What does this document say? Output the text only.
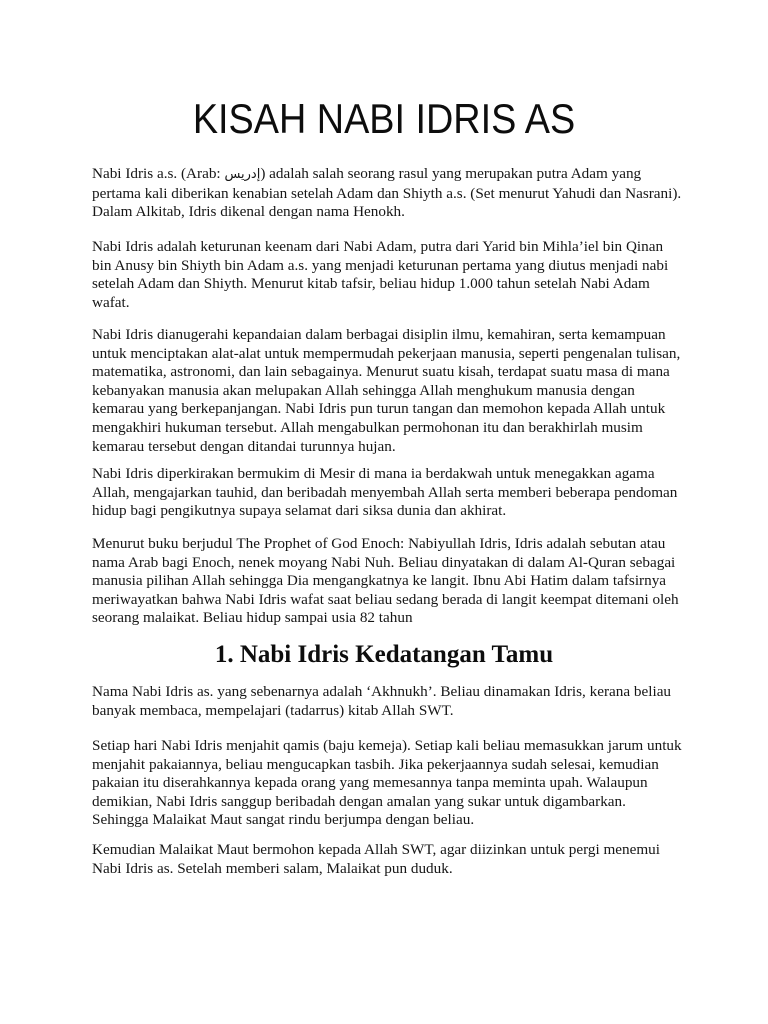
KISAH NABI IDRIS AS

Nabi Idris a.s. (Arab: إدريس) adalah salah seorang rasul yang merupakan putra Adam yang pertama kali diberikan kenabian setelah Adam dan Shiyth a.s. (Set menurut Yahudi dan Nasrani). Dalam Alkitab, Idris dikenal dengan nama Henokh.

Nabi Idris adalah keturunan keenam dari Nabi Adam, putra dari Yarid bin Mihla’iel bin Qinan bin Anusy bin Shiyth bin Adam a.s. yang menjadi keturunan pertama yang diutus menjadi nabi setelah Adam dan Shiyth. Menurut kitab tafsir, beliau hidup 1.000 tahun setelah Nabi Adam wafat.

Nabi Idris dianugerahi kepandaian dalam berbagai disiplin ilmu, kemahiran, serta kemampuan untuk menciptakan alat-alat untuk mempermudah pekerjaan manusia, seperti pengenalan tulisan, matematika, astronomi, dan lain sebagainya. Menurut suatu kisah, terdapat suatu masa di mana kebanyakan manusia akan melupakan Allah sehingga Allah menghukum manusia dengan kemarau yang berkepanjangan. Nabi Idris pun turun tangan dan memohon kepada Allah untuk mengakhiri hukuman tersebut. Allah mengabulkan permohonan itu dan berakhirlah musim kemarau tersebut dengan ditandai turunnya hujan.

Nabi Idris diperkirakan bermukim di Mesir di mana ia berdakwah untuk menegakkan agama Allah, mengajarkan tauhid, dan beribadah menyembah Allah serta memberi beberapa pendoman hidup bagi pengikutnya supaya selamat dari siksa dunia dan akhirat.

Menurut buku berjudul The Prophet of God Enoch: Nabiyullah Idris, Idris adalah sebutan atau nama Arab bagi Enoch, nenek moyang Nabi Nuh. Beliau dinyatakan di dalam Al-Quran sebagai manusia pilihan Allah sehingga Dia mengangkatnya ke langit. Ibnu Abi Hatim dalam tafsirnya meriwayatkan bahwa Nabi Idris wafat saat beliau sedang berada di langit keempat ditemani oleh seorang malaikat. Beliau hidup sampai usia 82 tahun

1. Nabi Idris Kedatangan Tamu

Nama Nabi Idris as. yang sebenarnya adalah ‘Akhnukh’. Beliau dinamakan Idris, kerana beliau banyak membaca, mempelajari (tadarrus) kitab Allah SWT.

Setiap hari Nabi Idris menjahit qamis (baju kemeja). Setiap kali beliau memasukkan jarum untuk menjahit pakaiannya, beliau mengucapkan tasbih. Jika pekerjaannya sudah selesai, kemudian pakaian itu diserahkannya kepada orang yang memesannya tanpa meminta upah. Walaupun demikian, Nabi Idris sanggup beribadah dengan amalan yang sukar untuk digambarkan. Sehingga Malaikat Maut sangat rindu berjumpa dengan beliau.

Kemudian Malaikat Maut bermohon kepada Allah SWT, agar diizinkan untuk pergi menemui Nabi Idris as. Setelah memberi salam, Malaikat pun duduk.
